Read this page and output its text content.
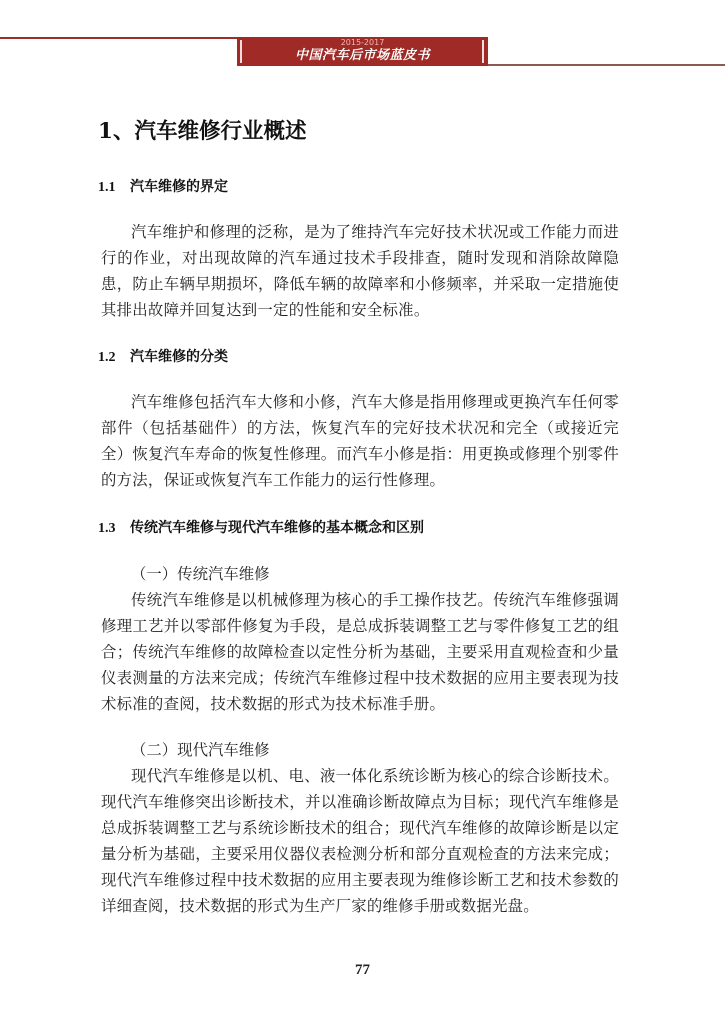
2015-2017
中国汽车后市场蓝皮书
1、汽车维修行业概述
1.1 汽车维修的界定
汽车维护和修理的泛称，是为了维持汽车完好技术状况或工作能力而进行的作业，对出现故障的汽车通过技术手段排查，随时发现和消除故障隐患，防止车辆早期损坏，降低车辆的故障率和小修频率，并采取一定措施使其排出故障并回复达到一定的性能和安全标准。
1.2 汽车维修的分类
汽车维修包括汽车大修和小修，汽车大修是指用修理或更换汽车任何零部件（包括基础件）的方法，恢复汽车的完好技术状况和完全（或接近完全）恢复汽车寿命的恢复性修理。而汽车小修是指：用更换或修理个别零件的方法，保证或恢复汽车工作能力的运行性修理。
1.3 传统汽车维修与现代汽车维修的基本概念和区别
（一）传统汽车维修
传统汽车维修是以机械修理为核心的手工操作技艺。传统汽车维修强调修理工艺并以零部件修复为手段，是总成拆装调整工艺与零件修复工艺的组合；传统汽车维修的故障检查以定性分析为基础，主要采用直观检查和少量仪表测量的方法来完成；传统汽车维修过程中技术数据的应用主要表现为技术标准的查阅，技术数据的形式为技术标准手册。
（二）现代汽车维修
现代汽车维修是以机、电、液一体化系统诊断为核心的综合诊断技术。现代汽车维修突出诊断技术，并以准确诊断故障点为目标；现代汽车维修是总成拆装调整工艺与系统诊断技术的组合；现代汽车维修的故障诊断是以定量分析为基础，主要采用仪器仪表检测分析和部分直观检查的方法来完成；现代汽车维修过程中技术数据的应用主要表现为维修诊断工艺和技术参数的详细查阅，技术数据的形式为生产厂家的维修手册或数据光盘。
77
